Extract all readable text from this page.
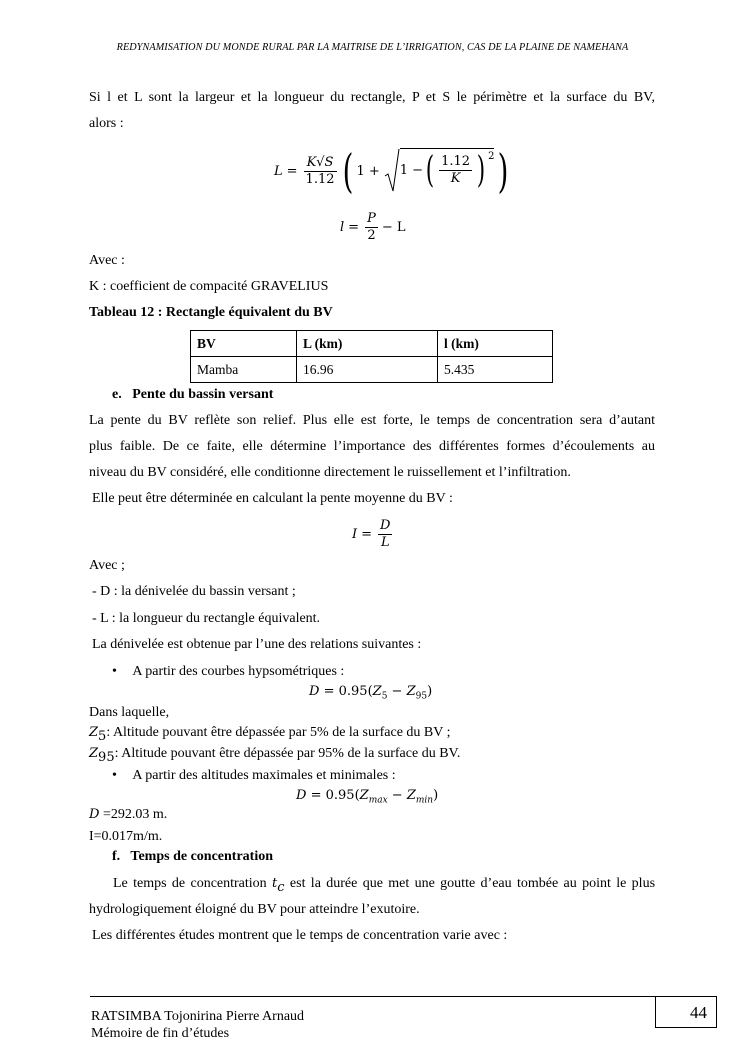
REDYNAMISATION DU MONDE RURAL PAR LA MAITRISE DE L’IRRIGATION, CAS DE LA PLAINE DE NAMEHANA
Si l et L sont la largeur et la longueur du rectangle, P et S le périmètre et la surface du BV,
alors :
$L = \frac{K√S}{1.12}$ ( 1 + 1 − ( $\frac{1.12}{K}$ ) 2 )
$l = \frac{P}{2} - L$
Avec :
K : coefficient de compacité GRAVELIUS
Tableau 12 : Rectangle équivalent du BV
BV	L (km)	l (km)
Mamba	16.96	5.435
e.   Pente du bassin versant
La pente du BV reflète son relief. Plus elle est forte, le temps de concentration sera d’autant
plus faible. De ce faite, elle détermine l’importance des différentes formes d’écoulements au
niveau du BV considéré, elle conditionne directement le ruissellement et l’infiltration.
Elle peut être déterminée en calculant la pente moyenne du BV :
$I = \frac{D}{L}$
Avec ;
- D : la dénivelée du bassin versant ;
- L : la longueur du rectangle équivalent.
La dénivelée est obtenue par l’une des relations suivantes :
• A partir des courbes hypsométriques :
$D = 0.95(Z_5 - Z_{95})$
Dans laquelle,
$Z_5$: Altitude pouvant être dépassée par 5% de la surface du BV ;
$Z_{95}$: Altitude pouvant être dépassée par 95% de la surface du BV.
• A partir des altitudes maximales et minimales :
$D = 0.95(Z_{max} - Z_{min})$
D =292.03 m.
I=0.017m/m.
f.   Temps de concentration
Le temps de concentration $t_c$ est la durée que met une goutte d’eau tombée au point le plus
hydrologiquement éloigné du BV pour atteindre l’exutoire.
Les différentes études montrent que le temps de concentration varie avec :
44
RATSIMBA Tojonirina Pierre Arnaud
Mémoire de fin d’études
